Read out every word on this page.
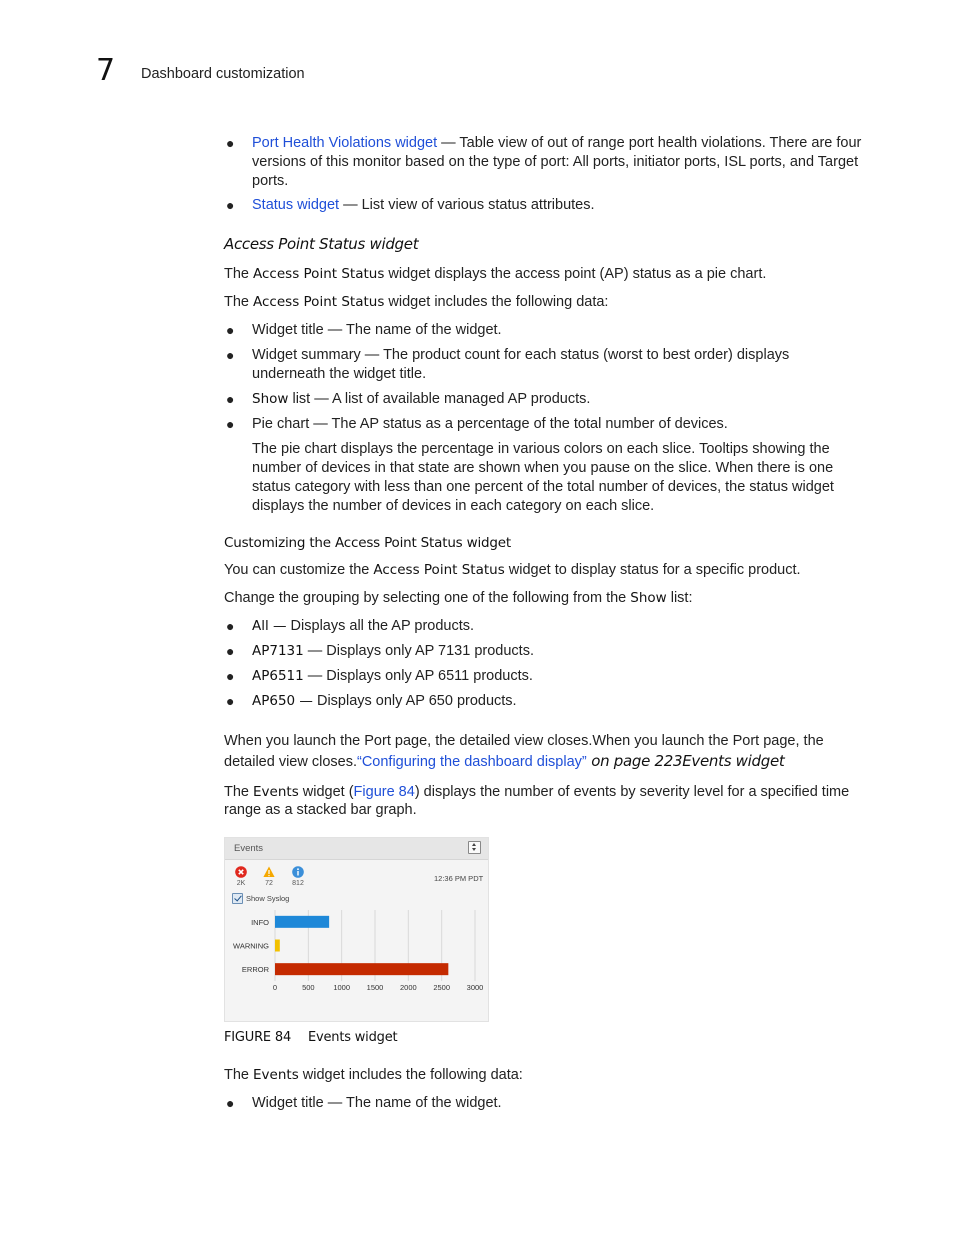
7 Dashboard customization
● Port Health Violations widget — Table view of out of range port health violations. There are four
versions of this monitor based on the type of port: All ports, initiator ports, ISL ports, and Target
ports.
● Status widget — List view of various status attributes.
Access Point Status widget
The Access Point Status widget displays the access point (AP) status as a pie chart.
The Access Point Status widget includes the following data:
● Widget title — The name of the widget.
● Widget summary — The product count for each status (worst to best order) displays
underneath the widget title.
● Show list — A list of available managed AP products.
● Pie chart — The AP status as a percentage of the total number of devices.
The pie chart displays the percentage in various colors on each slice. Tooltips showing the
number of devices in that state are shown when you pause on the slice. When there is one
status category with less than one percent of the total number of devices, the status widget
displays the number of devices in each category on each slice.
Customizing the Access Point Status widget
You can customize the Access Point Status widget to display status for a specific product.
Change the grouping by selecting one of the following from the Show list:
● All — Displays all the AP products.
● AP7131 — Displays only AP 7131 products.
● AP6511 — Displays only AP 6511 products.
● AP650 — Displays only AP 650 products.
When you launch the Port page, the detailed view closes.When you launch the Port page, the
detailed view closes.“Configuring the dashboard display” on page 223Events widget
The Events widget (Figure 84) displays the number of events by severity level for a specified time
range as a stacked bar graph.
Events
2K	72	812
12:36 PM PDT
Show Syslog
0	500 1000 1500 2000 2500 3000
INFO
WARNING
ERROR
FIGURE 84 Events widget
The Events widget includes the following data:
● Widget title — The name of the widget.
